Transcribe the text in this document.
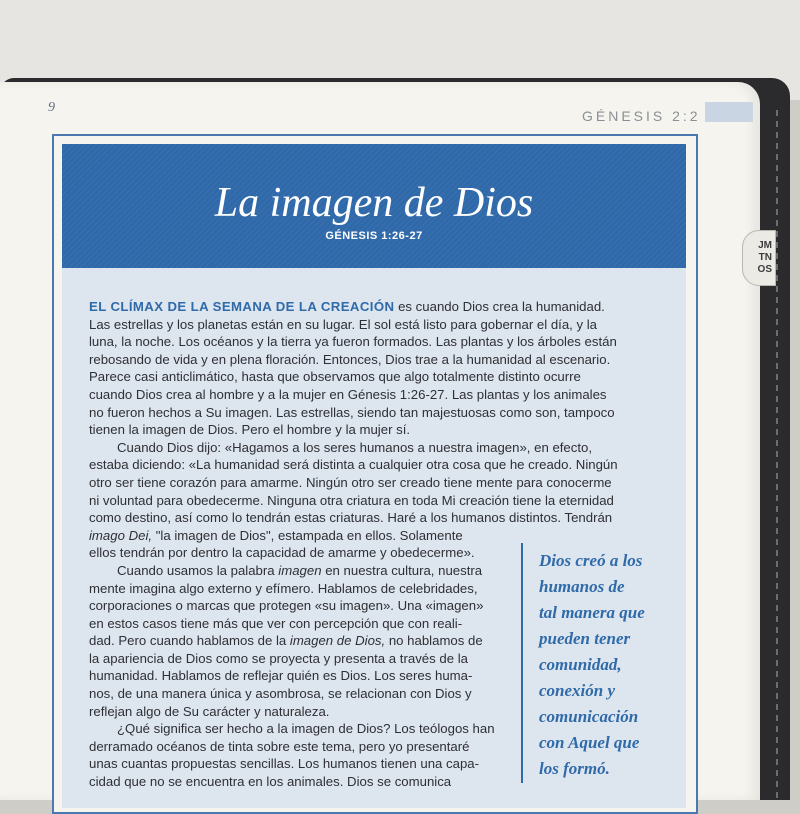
9
GÉNESIS 2:2
JM
TN
OS
La imagen de Dios
GÉNESIS 1:26-27
EL CLÍMAX DE LA SEMANA DE LA CREACIÓN es cuando Dios crea la humanidad.
Las estrellas y los planetas están en su lugar. El sol está listo para gobernar el día, y la
luna, la noche. Los océanos y la tierra ya fueron formados. Las plantas y los árboles están
rebosando de vida y en plena floración. Entonces, Dios trae a la humanidad al escenario.
Parece casi anticlimático, hasta que observamos que algo totalmente distinto ocurre
cuando Dios crea al hombre y a la mujer en Génesis 1:26-27. Las plantas y los animales
no fueron hechos a Su imagen. Las estrellas, siendo tan majestuosas como son, tampoco
tienen la imagen de Dios. Pero el hombre y la mujer sí.
Cuando Dios dijo: «Hagamos a los seres humanos a nuestra imagen», en efecto,
estaba diciendo: «La humanidad será distinta a cualquier otra cosa que he creado. Ningún
otro ser tiene corazón para amarme. Ningún otro ser creado tiene mente para conocerme
ni voluntad para obedecerme. Ninguna otra criatura en toda Mi creación tiene la eternidad
como destino, así como lo tendrán estas criaturas. Haré a los humanos distintos. Tendrán
imago Dei, "la imagen de Dios", estampada en ellos. Solamente
ellos tendrán por dentro la capacidad de amarme y obedecerme».
Cuando usamos la palabra imagen en nuestra cultura, nuestra
mente imagina algo externo y efímero. Hablamos de celebridades,
corporaciones o marcas que protegen «su imagen». Una «imagen»
en estos casos tiene más que ver con percepción que con reali-
dad. Pero cuando hablamos de la imagen de Dios, no hablamos de
la apariencia de Dios como se proyecta y presenta a través de la
humanidad. Hablamos de reflejar quién es Dios. Los seres huma-
nos, de una manera única y asombrosa, se relacionan con Dios y
reflejan algo de Su carácter y naturaleza.
¿Qué significa ser hecho a la imagen de Dios? Los teólogos han
derramado océanos de tinta sobre este tema, pero yo presentaré
unas cuantas propuestas sencillas. Los humanos tienen una capa-
cidad que no se encuentra en los animales. Dios se comunica
Dios creó a los
humanos de
tal manera que
pueden tener
comunidad,
conexión y
comunicación
con Aquel que
los formó.
